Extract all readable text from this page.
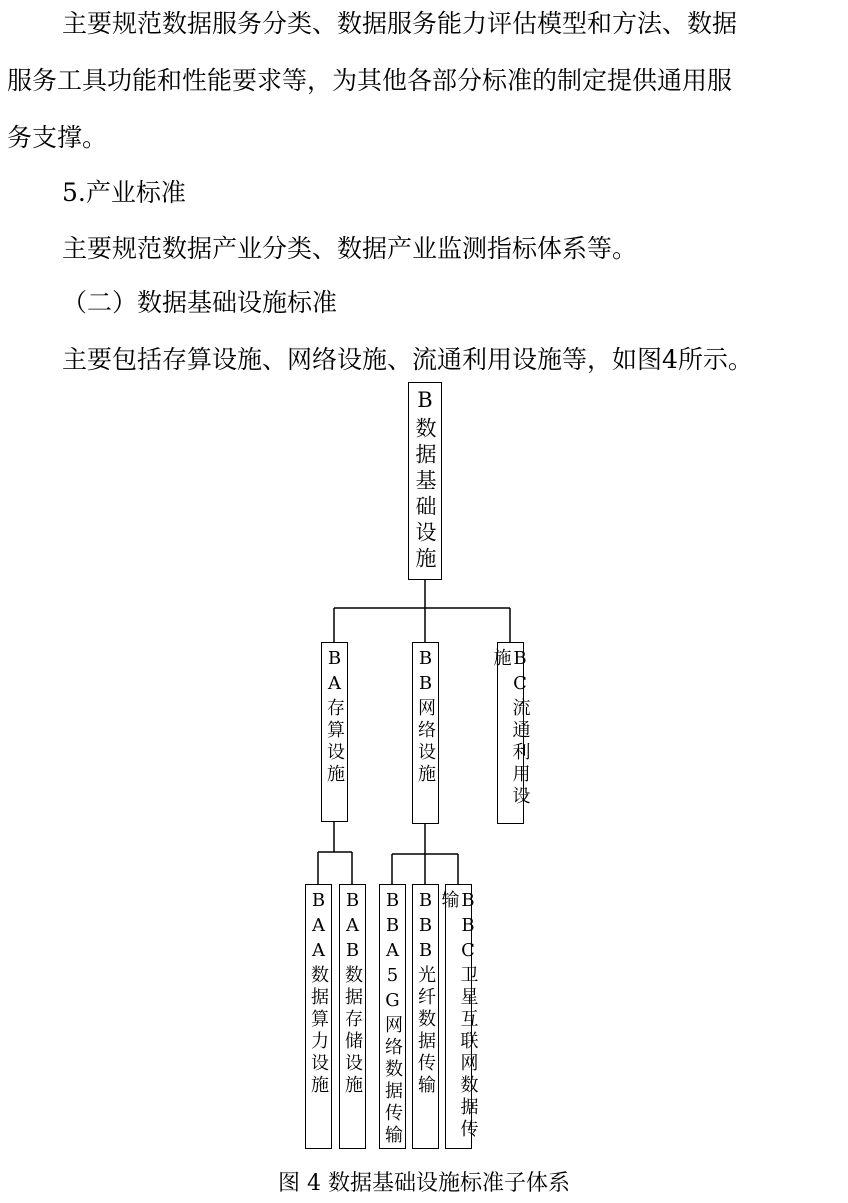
主要规范数据服务分类、数据服务能力评估模型和方法、数据
服务工具功能和性能要求等，为其他各部分标准的制定提供通用服
务支撑。
5.产业标准
主要规范数据产业分类、数据产业监测指标体系等。
（二）数据基础设施标准
主要包括存算设施、网络设施、流通利用设施等，如图4所示。
B数据基础设施
BA存算设施	BB网络设施	BC流通利用设施
BAA数据算力设施 BAB数据存储设施 BBA5G网络数据传输 BBB光纤数据传输	BBC卫星互联网数据传输
图 4 数据基础设施标准子体系
